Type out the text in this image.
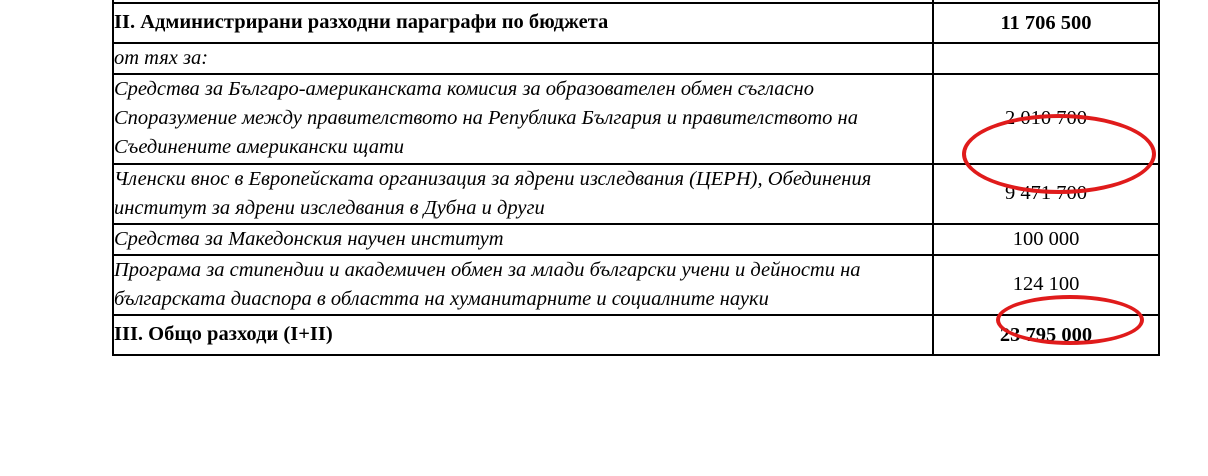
II. Администрирани разходни параграфи по бюджета	11 706 500
от тях за:	
Средства за Българо-американската комисия за образователен обмен съгласно Споразумение между правителството на Република България и правителството на Съединените американски щати	2 010 700
Членски внос в Европейската организация за ядрени изследвания (ЦЕРН), Обединения институт за ядрени изследвания в Дубна и други	9 471 700
Средства за Македонския научен институт	100 000
Програма за стипендии и академичен обмен за млади български учени и дейности на българската диаспора в областта на хуманитарните и социалните науки	124 100
III. Общо разходи (I+II)	23 795 000
